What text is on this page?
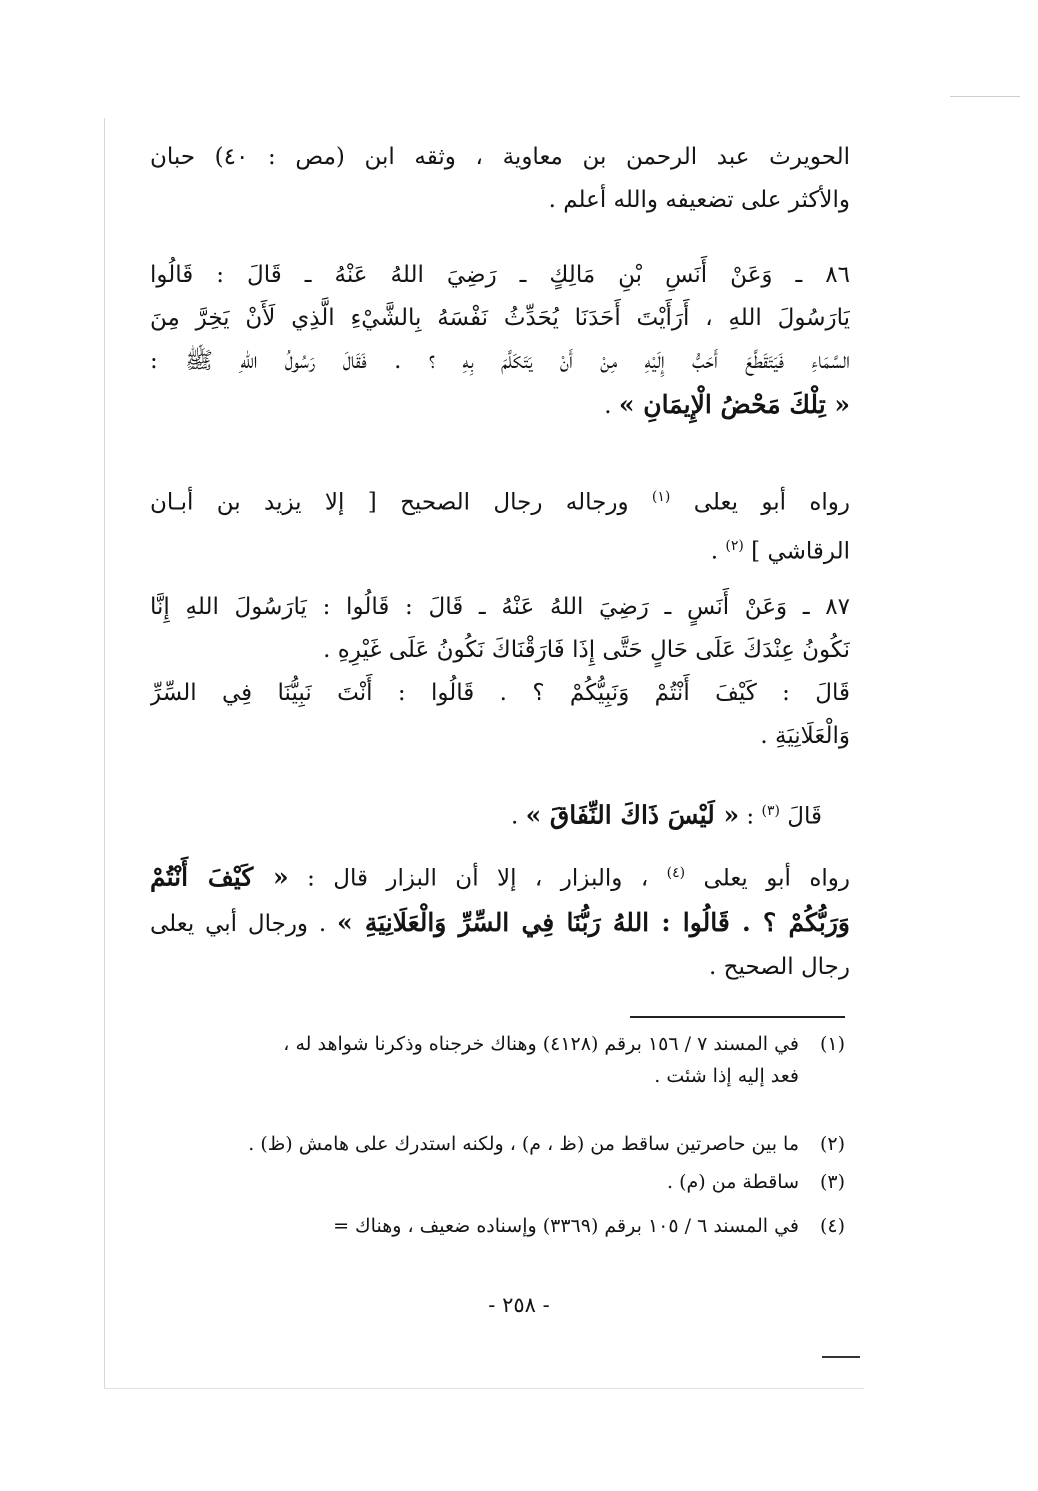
الحويرث عبد الرحمن بن معاوية ، وثقه ابن (مص : ٤٠) حبان
والأكثر على تضعيفه والله أعلم .
٨٦ ـ وَعَنْ أَنَسِ بْنِ مَالِكٍ ـ رَضِيَ اللهُ عَنْهُ ـ قَالَ : قَالُوا
يَارَسُولَ اللهِ ، أَرَأَيْتَ أَحَدَنَا يُحَدِّثُ نَفْسَهُ بِالشَّيْءِ الَّذِي لَأَنْ يَخِرَّ مِنَ
السَّمَاءِ فَيَتَقَطَّعَ أَحَبُّ إِلَيْهِ مِنْ أَنْ يَتَكَلَّمَ بِهِ ؟ . فَقَالَ رَسُولُ اللهِ ﷺ :
« تِلْكَ مَحْضُ الْإِيمَانِ » .
رواه أبو يعلى $^{(١)}$ ورجاله رجال الصحيح [ إلا يزيد بن أبـان
الرقاشي ] $^{(٢)}$ .
٨٧ ـ وَعَنْ أَنَسٍ ـ رَضِيَ اللهُ عَنْهُ ـ قَالَ : قَالُوا : يَارَسُولَ اللهِ إِنَّا
نَكُونُ عِنْدَكَ عَلَى حَالٍ حَتَّى إِذَا فَارَقْنَاكَ نَكُونُ عَلَى غَيْرِهِ .
قَالَ : كَيْفَ أَنْتُمْ وَنَبِيُّكُمْ ؟ . قَالُوا : أَنْتَ نَبِيُّنَا فِي السِّرِّ
وَالْعَلَانِيَةِ .
قَالَ $^{(٣)}$ : « لَيْسَ ذَاكَ النِّفَاقَ » .
رواه أبو يعلى $^{(٤)}$ ، والبزار ، إلا أن البزار قال : « كَيْفَ أَنْتُمْ
وَرَبُّكُمْ ؟ . قَالُوا : اللهُ رَبُّنَا فِي السِّرِّ وَالْعَلَانِيَةِ » . ورجال أبي يعلى
رجال الصحيح .
(١)في المسند ٧ / ١٥٦ برقم (٤١٢٨) وهناك خرجناه وذكرنا شواهد له ،
فعد إليه إذا شئت .
(٢)ما بين حاصرتين ساقط من (ظ ، م) ، ولكنه استدرك على هامش (ظ) .
(٣)ساقطة من (م) .
(٤)في المسند ٦ / ١٠٥ برقم (٣٣٦٩) وإسناده ضعيف ، وهناك =
- ٢٥٨ -
